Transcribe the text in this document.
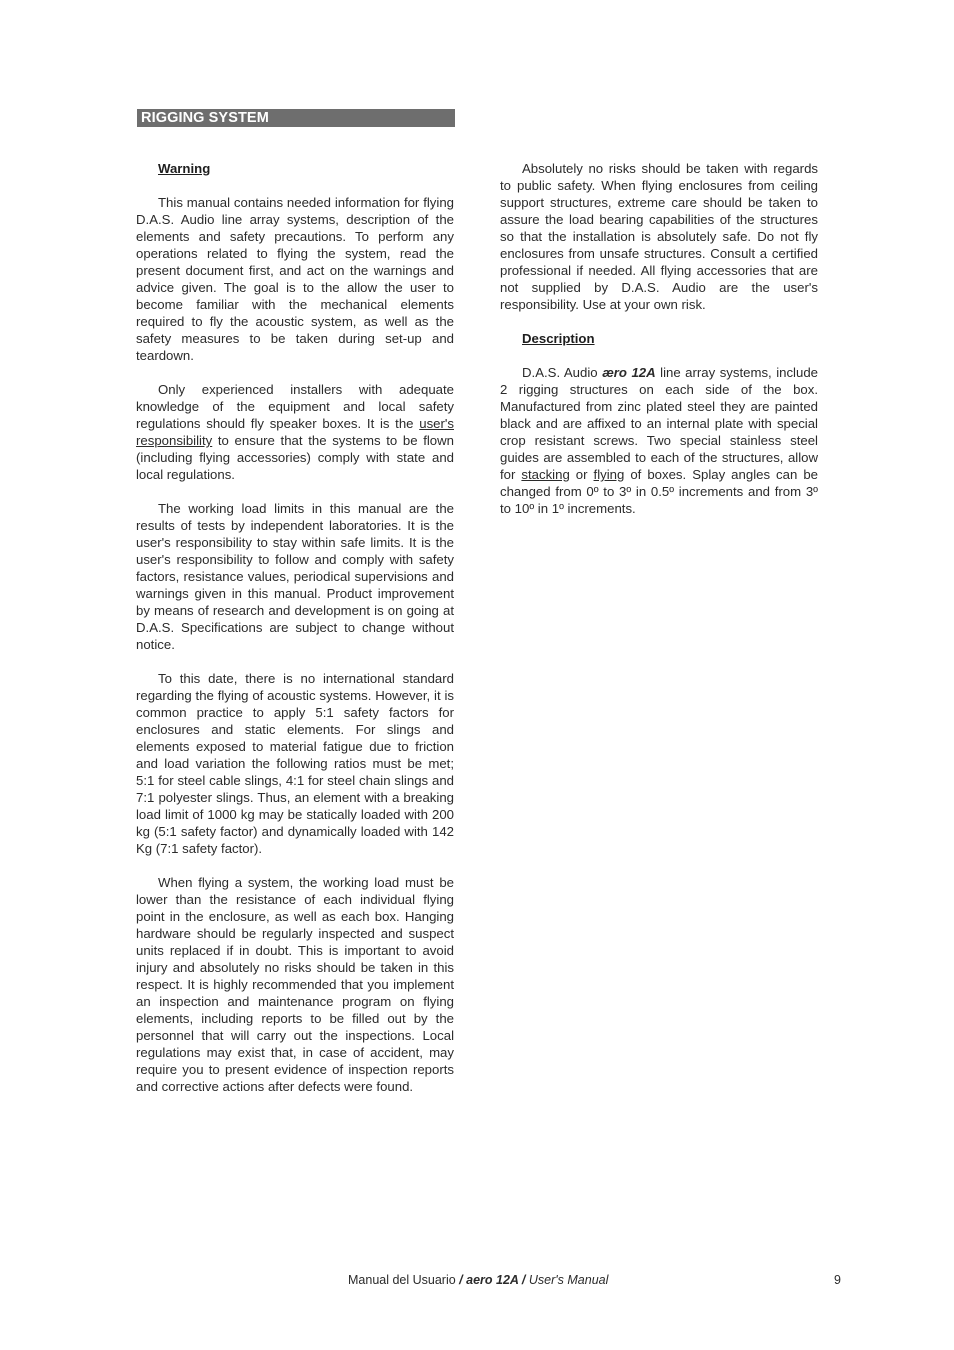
RIGGING SYSTEM

Warning

This manual contains needed information for flying D.A.S. Audio line array systems, description of the elements and safety precautions. To perform any operations related to flying the system, read the present document first, and act on the warnings and advice given. The goal is to the allow the user to become familiar with the mechanical elements required to fly the acoustic system, as well as the safety measures to be taken during set-up and teardown.

Only experienced installers with adequate knowledge of the equipment and local safety regulations should fly speaker boxes. It is the user's responsibility to ensure that the systems to be flown (including flying accessories) comply with state and local regulations.

The working load limits in this manual are the results of tests by independent laboratories. It is the user's responsibility to stay within safe limits. It is the user's responsibility to follow and comply with safety factors, resistance values, periodical supervisions and warnings given in this manual. Product improvement by means of research and development is on going at D.A.S. Specifications are subject to change without notice.

To this date, there is no international standard regarding the flying of acoustic systems. However, it is common practice to apply 5:1 safety factors for enclosures and static elements. For slings and elements exposed to material fatigue due to friction and load variation the following ratios must be met; 5:1 for steel cable slings, 4:1 for steel chain slings and 7:1 polyester slings. Thus, an element with a breaking load limit of 1000 kg may be statically loaded with 200 kg (5:1 safety factor) and dynamically loaded with 142 Kg (7:1 safety factor).

When flying a system, the working load must be lower than the resistance of each individual flying point in the enclosure, as well as each box. Hanging hardware should be regularly inspected and suspect units replaced if in doubt. This is important to avoid injury and absolutely no risks should be taken in this respect. It is highly recommended that you implement an inspection and maintenance program on flying elements, including reports to be filled out by the personnel that will carry out the inspections. Local regulations may exist that, in case of accident, may require you to present evidence of inspection reports and corrective actions after defects were found.

Absolutely no risks should be taken with regards to public safety. When flying enclosures from ceiling support structures, extreme care should be taken to assure the load bearing capabilities of the structures so that the installation is absolutely safe. Do not fly enclosures from unsafe structures. Consult a certified professional if needed. All flying accessories that are not supplied by D.A.S. Audio are the user's responsibility. Use at your own risk.

Description

D.A.S. Audio ærо 12A line array systems, include 2 rigging structures on each side of the box. Manufactured from zinc plated steel they are painted black and are affixed to an internal plate with special crop resistant screws. Two special stainless steel guides are assembled to each of the structures, allow for stacking or flying of boxes. Splay angles can be changed from 0º to 3º in 0.5º increments and from 3º to 10º in 1º increments.

Manual del Usuario / aero 12A / User's Manual	9
